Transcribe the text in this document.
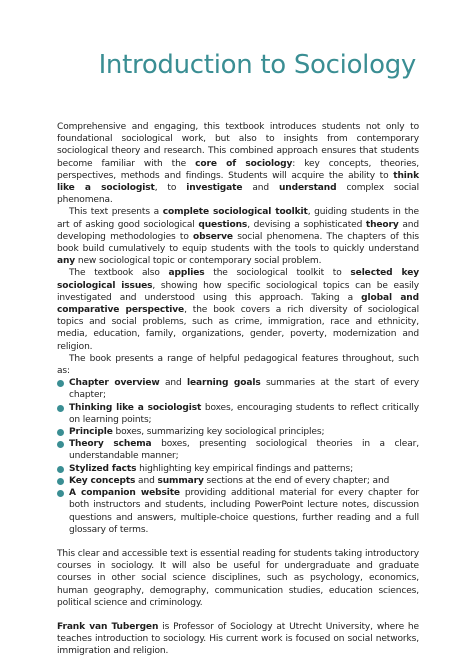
Introduction to Sociology

Comprehensive and engaging, this textbook introduces students not only to foundational sociological work, but also to insights from contemporary sociological theory and research. This combined approach ensures that students become familiar with the core of sociology: key concepts, theories, perspectives, methods and findings. Students will acquire the ability to think like a sociologist, to investigate and understand complex social phenomena.

This text presents a complete sociological toolkit, guiding students in the art of asking good sociological questions, devising a sophisticated theory and developing methodologies to observe social phenomena. The chapters of this book build cumulatively to equip students with the tools to quickly understand any new sociological topic or contemporary social problem.

The textbook also applies the sociological toolkit to selected key sociological issues, showing how specific sociological topics can be easily investigated and understood using this approach. Taking a global and comparative perspective, the book covers a rich diversity of sociological topics and social problems, such as crime, immigration, race and ethnicity, media, education, family, organizations, gender, poverty, modernization and religion.

The book presents a range of helpful pedagogical features throughout, such as:

Chapter overview and learning goals summaries at the start of every chapter;
Thinking like a sociologist boxes, encouraging students to reflect critically on learning points;
Principle boxes, summarizing key sociological principles;
Theory schema boxes, presenting sociological theories in a clear, understandable manner;
Stylized facts highlighting key empirical findings and patterns;
Key concepts and summary sections at the end of every chapter; and
A companion website providing additional material for every chapter for both instructors and students, including PowerPoint lecture notes, discussion questions and answers, multiple-choice questions, further reading and a full glossary of terms.

This clear and accessible text is essential reading for students taking introductory courses in sociology. It will also be useful for undergraduate and graduate courses in other social science disciplines, such as psychology, economics, human geography, demography, communication studies, education sciences, political science and criminology.

Frank van Tubergen is Professor of Sociology at Utrecht University, where he teaches introduction to sociology. His current work is focused on social networks, immigration and religion.
